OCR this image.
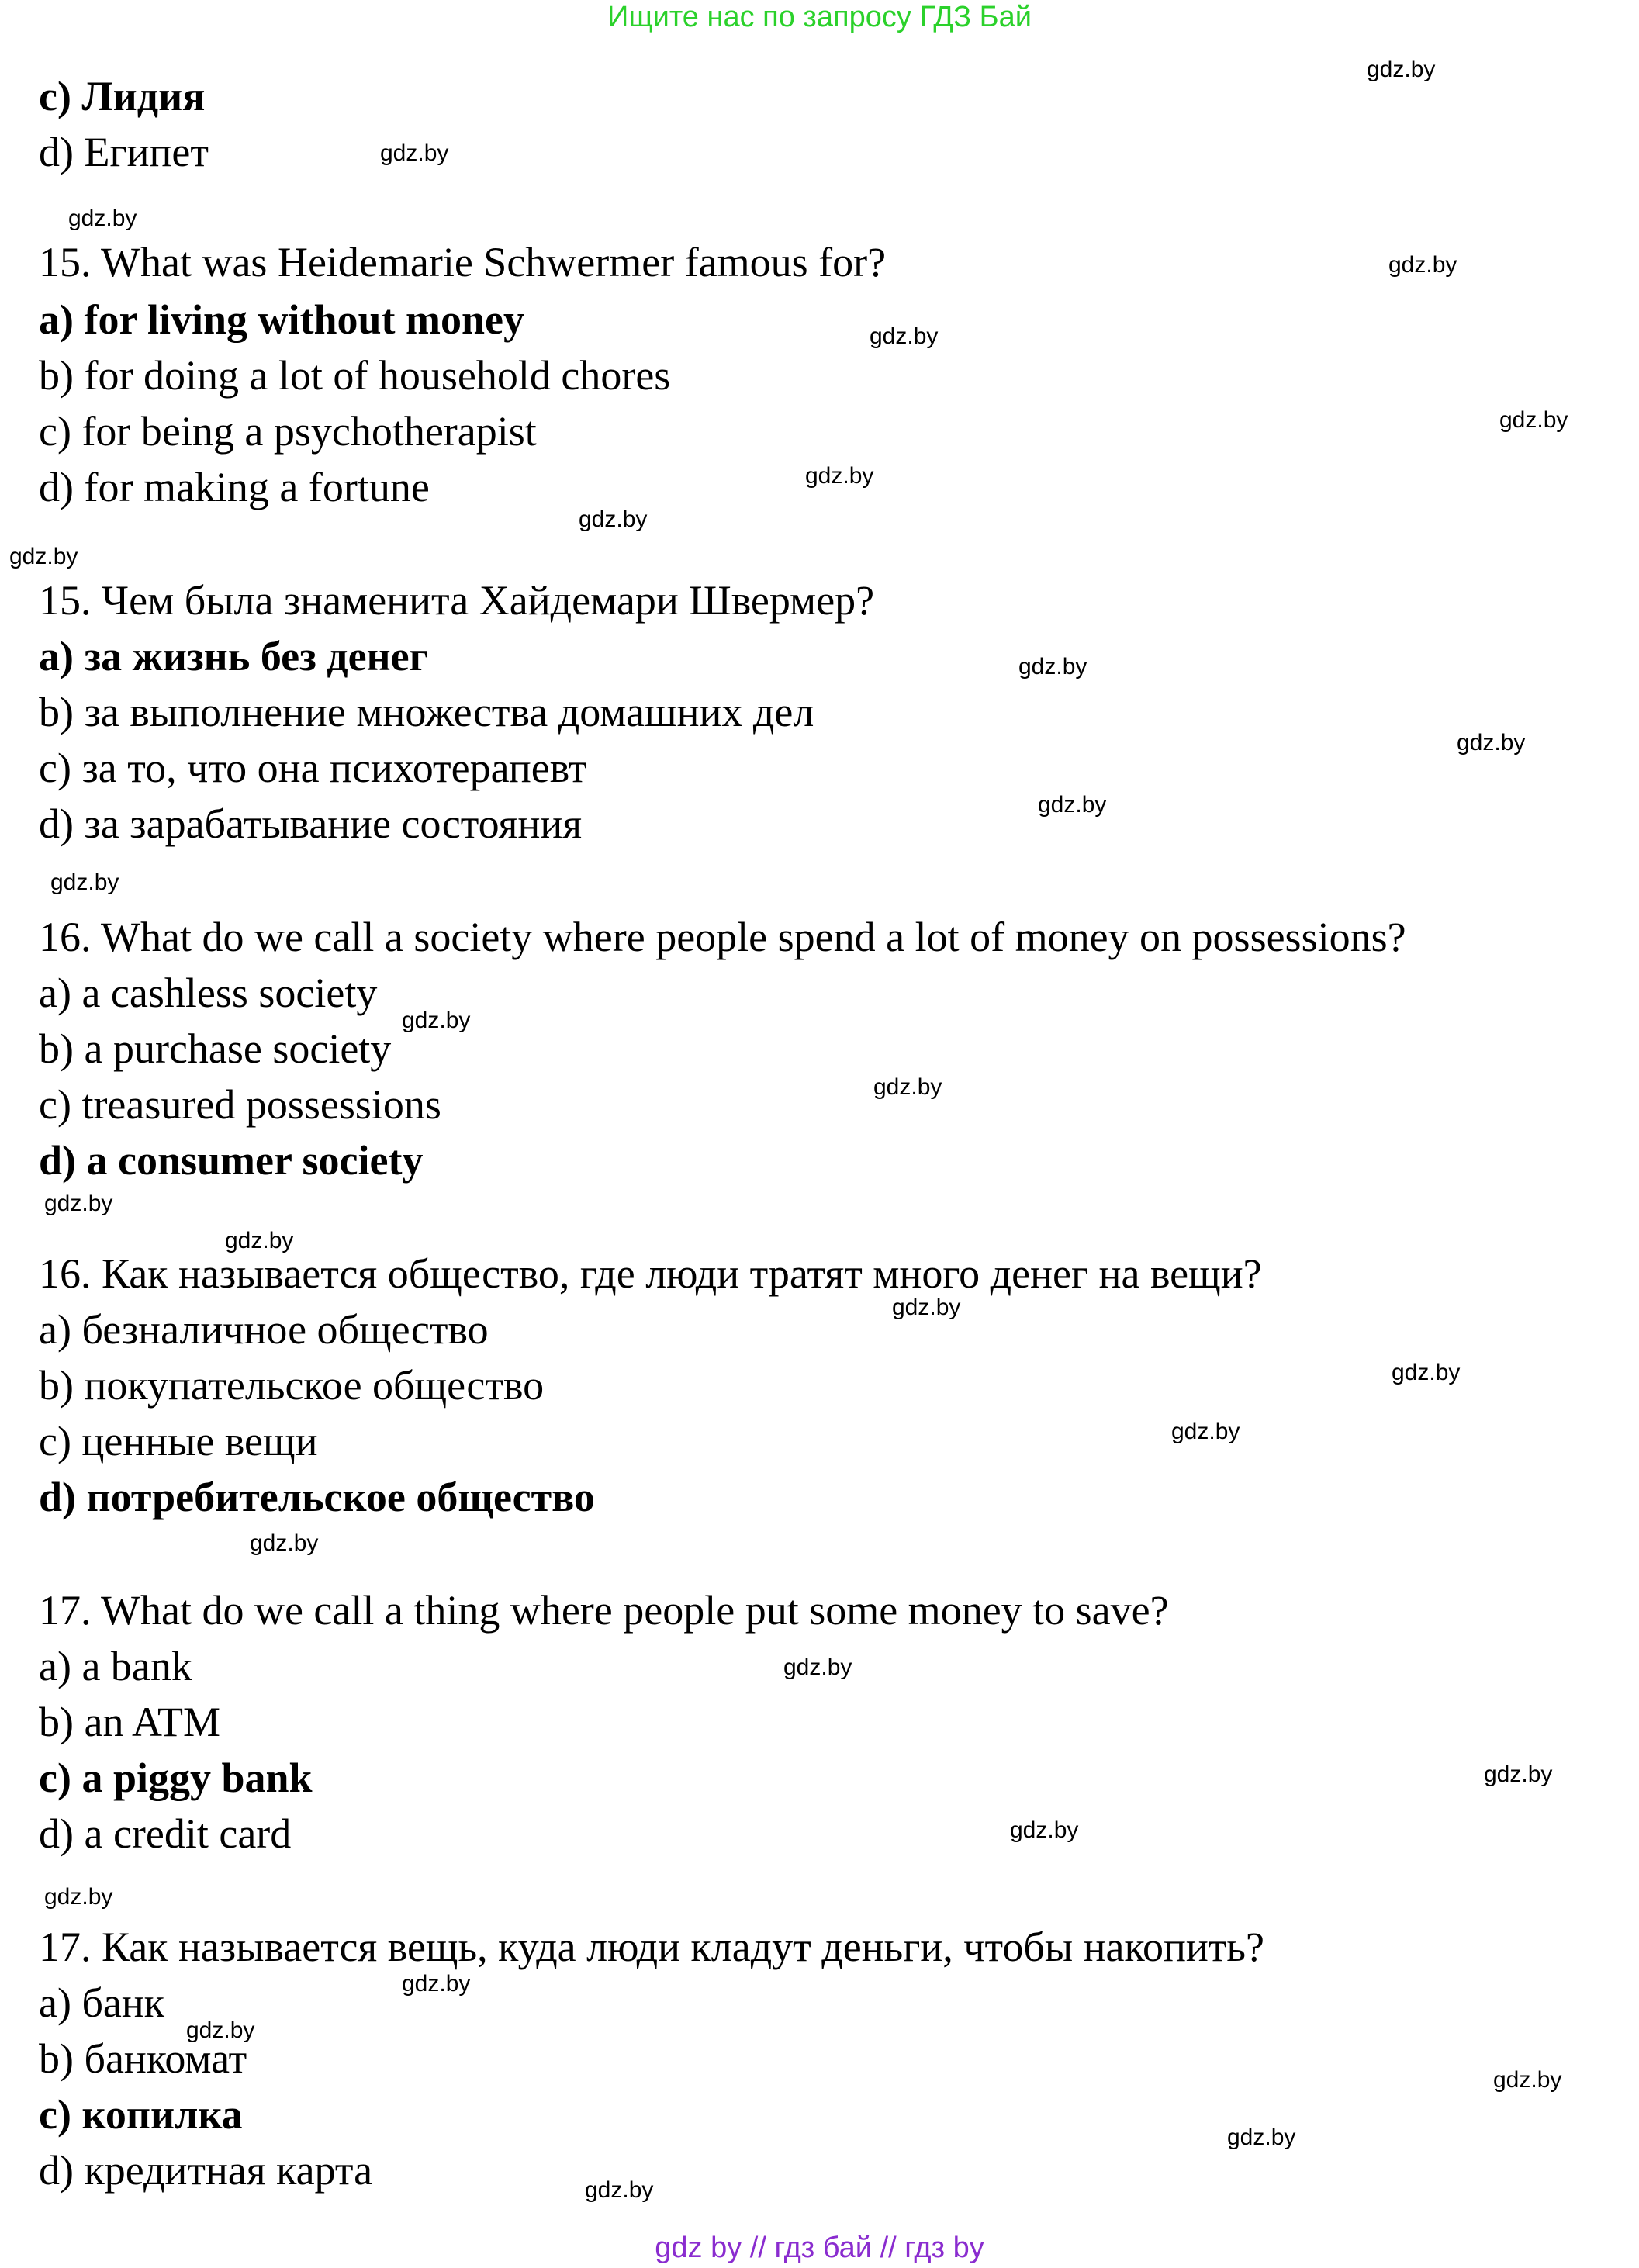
Ищите нас по запросу ГДЗ Бай
c) Лидия
d) Египет
15. What was Heidemarie Schwermer famous for?
a) for living without money
b) for doing a lot of household chores
c) for being a psychotherapist
d) for making a fortune
15. Чем была знаменита Хайдемари Швермер?
a) за жизнь без денег
b) за выполнение множества домашних дел
c) за то, что она психотерапевт
d) за зарабатывание состояния
16. What do we call a society where people spend a lot of money on possessions?
a) a cashless society
b) a purchase society
c) treasured possessions
d) a consumer society
16. Как называется общество, где люди тратят много денег на вещи?
a) безналичное общество
b) покупательское общество
c) ценные вещи
d) потребительское общество
17. What do we call a thing where people put some money to save?
a) a bank
b) an ATM
c) a piggy bank
d) a credit card
17. Как называется вещь, куда люди кладут деньги, чтобы накопить?
a) банк
b) банкомат
c) копилка
d) кредитная карта
gdz.by
gdz.by
gdz.by
gdz.by
gdz.by
gdz.by
gdz.by
gdz.by
gdz.by
gdz.by
gdz.by
gdz.by
gdz.by
gdz.by
gdz.by
gdz.by
gdz.by
gdz.by
gdz.by
gdz.by
gdz.by
gdz.by
gdz.by
gdz.by
gdz.by
gdz.by
gdz.by
gdz.by
gdz.by
gdz.by
gdz by // гдз бай // гдз by
